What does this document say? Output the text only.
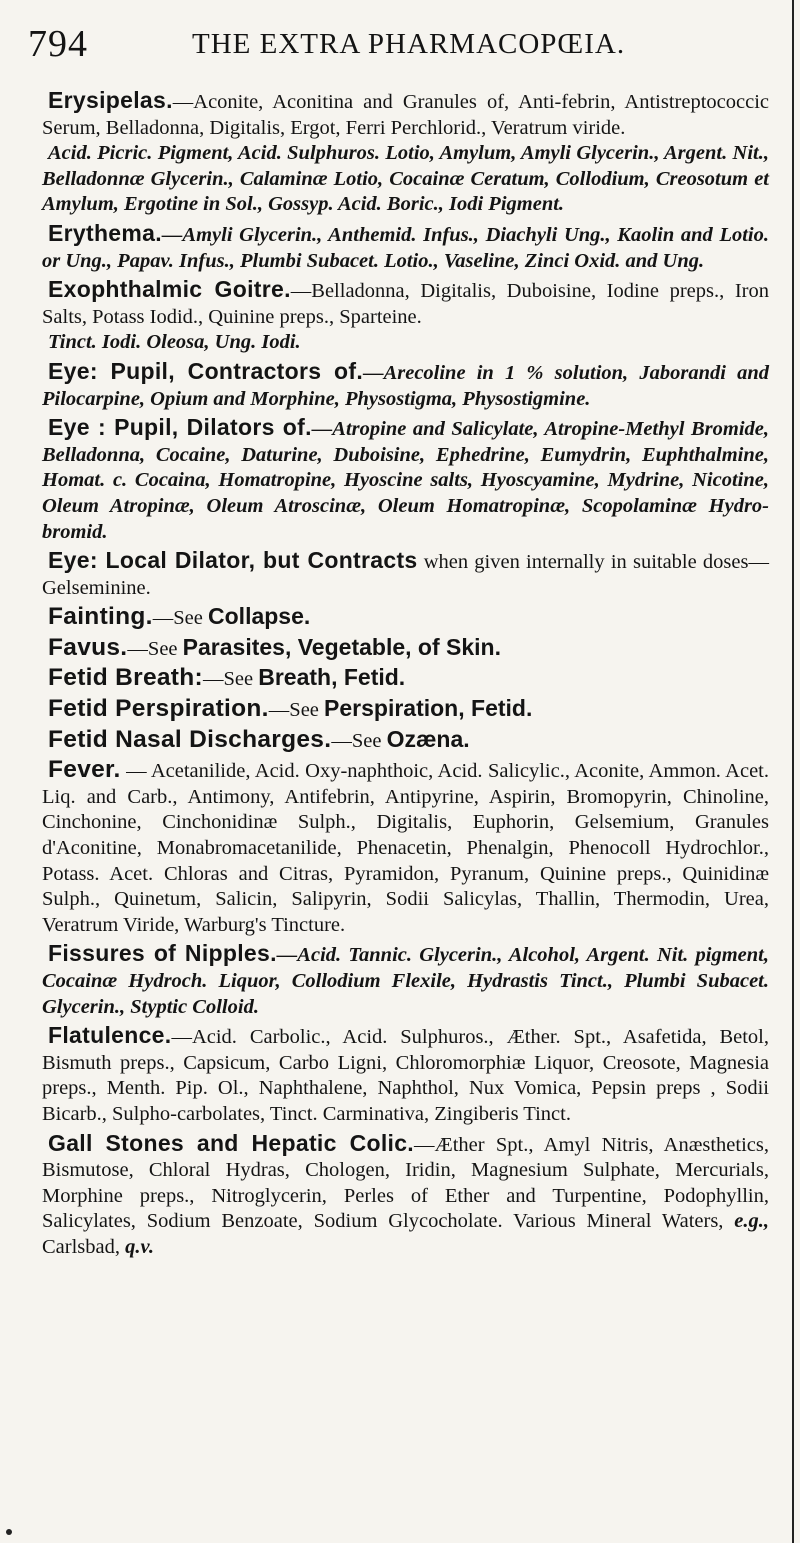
794	THE EXTRA PHARMACOPŒIA.

Erysipelas.—Aconite, Aconitina and Granules of, Anti-febrin, Antistreptococcic Serum, Belladonna, Digitalis, Ergot, Ferri Perchlorid., Veratrum viride.
Acid. Picric. Pigment, Acid. Sulphuros. Lotio, Amylum, Amyli Glycerin., Argent. Nit., Belladonnæ Glycerin., Calaminæ Lotio, Cocainæ Ceratum, Collodium, Creosotum et Amylum, Ergotine in Sol., Gossyp. Acid. Boric., Iodi Pigment.

Erythema.—Amyli Glycerin., Anthemid. Infus., Diachyli Ung., Kaolin and Lotio. or Ung., Papav. Infus., Plumbi Subacet. Lotio., Vaseline, Zinci Oxid. and Ung.

Exophthalmic Goitre.—Belladonna, Digitalis, Duboisine, Iodine preps., Iron Salts, Potass Iodid., Quinine preps., Sparteine.
Tinct. Iodi. Oleosa, Ung. Iodi.

Eye: Pupil, Contractors of.—Arecoline in 1 % solution, Jaborandi and Pilocarpine, Opium and Morphine, Physostigma, Physostigmine.

Eye : Pupil, Dilators of.—Atropine and Salicylate, Atropine-Methyl Bromide, Belladonna, Cocaine, Daturine, Duboisine, Ephedrine, Eumydrin, Euphthalmine, Homat. c. Cocaina, Homatropine, Hyoscine salts, Hyoscyamine, Mydrine, Nicotine, Oleum Atropinæ, Oleum Atroscinæ, Oleum Homatropinæ, Scopolaminæ Hydro-bromid.

Eye: Local Dilator, but Contracts when given internally in suitable doses—Gelseminine.

Fainting.—See Collapse.

Favus.—See Parasites, Vegetable, of Skin.

Fetid Breath:—See Breath, Fetid.

Fetid Perspiration.—See Perspiration, Fetid.

Fetid Nasal Discharges.—See Ozæna.

Fever. — Acetanilide, Acid. Oxy-naphthoic, Acid. Salicylic., Aconite, Ammon. Acet. Liq. and Carb., Antimony, Antifebrin, Antipyrine, Aspirin, Bromopyrin, Chinoline, Cinchonine, Cinchonidinæ Sulph., Digitalis, Euphorin, Gelsemium, Granules d'Aconitine, Monabromacetanilide, Phenacetin, Phenalgin, Phenocoll Hydrochlor., Potass. Acet. Chloras and Citras, Pyramidon, Pyranum, Quinine preps., Quinidinæ Sulph., Quinetum, Salicin, Salipyrin, Sodii Salicylas, Thallin, Thermodin, Urea, Veratrum Viride, Warburg's Tincture.

Fissures of Nipples.—Acid. Tannic. Glycerin., Alcohol, Argent. Nit. pigment, Cocainæ Hydroch. Liquor, Collodium Flexile, Hydrastis Tinct., Plumbi Subacet. Glycerin., Styptic Colloid.

Flatulence.—Acid. Carbolic., Acid. Sulphuros., Æther. Spt., Asafetida, Betol, Bismuth preps., Capsicum, Carbo Ligni, Chloromorphiæ Liquor, Creosote, Magnesia preps., Menth. Pip. Ol., Naphthalene, Naphthol, Nux Vomica, Pepsin preps , Sodii Bicarb., Sulpho-carbolates, Tinct. Carminativa, Zingiberis Tinct.

Gall Stones and Hepatic Colic.—Æther Spt., Amyl Nitris, Anæsthetics, Bismutose, Chloral Hydras, Chologen, Iridin, Magnesium Sulphate, Mercurials, Morphine preps., Nitroglycerin, Perles of Ether and Turpentine, Podophyllin, Salicylates, Sodium Benzoate, Sodium Glycocholate. Various Mineral Waters, e.g., Carlsbad, q.v.
